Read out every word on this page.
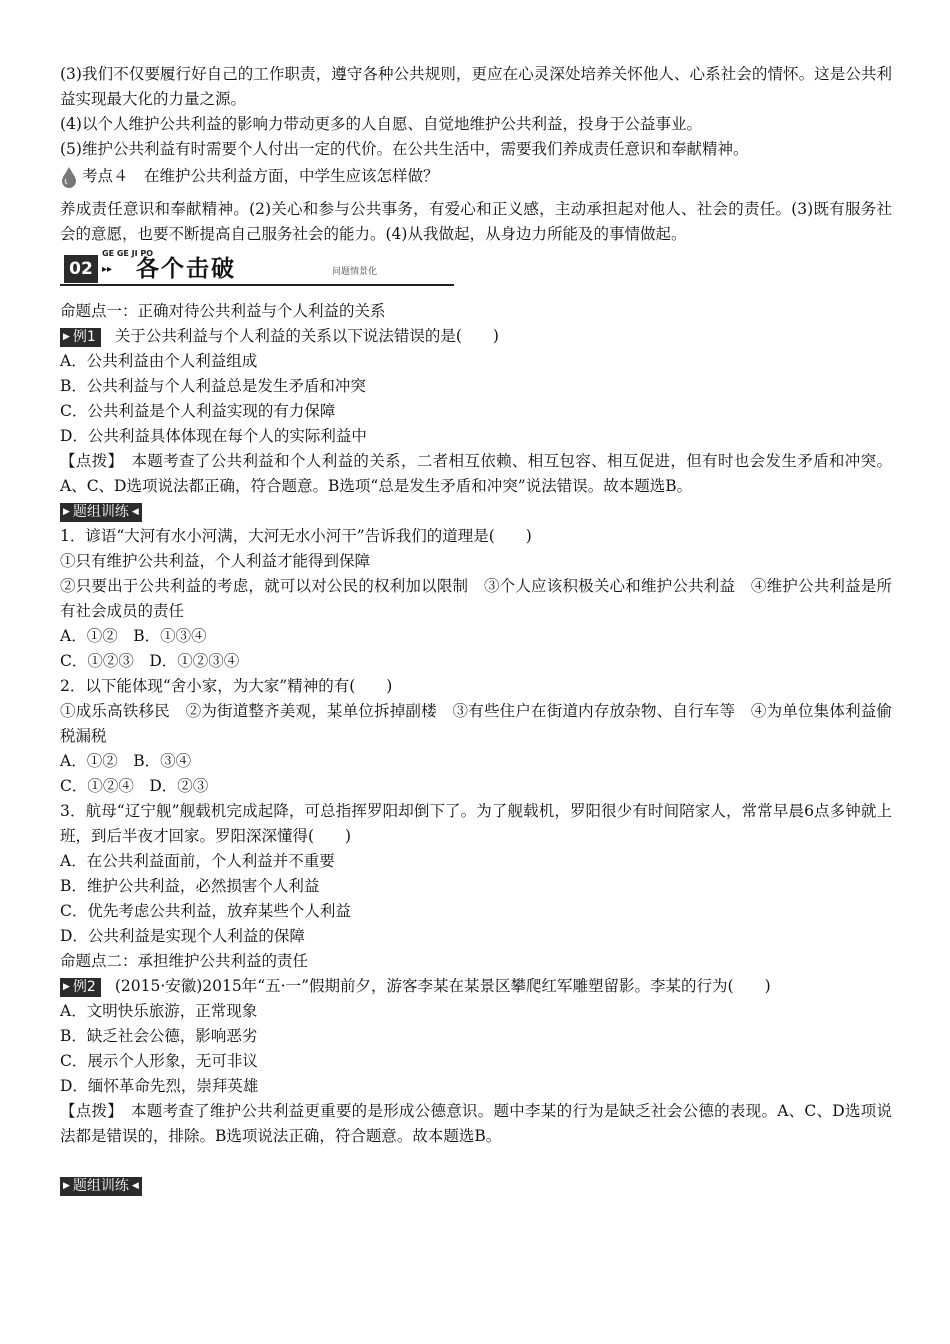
(3)我们不仅要履行好自己的工作职责，遵守各种公共规则，更应在心灵深处培养关怀他人、心系社会的情怀。这是公共利益实现最大化的力量之源。

(4)以个人维护公共利益的影响力带动更多的人自愿、自觉地维护公共利益，投身于公益事业。

(5)维护公共利益有时需要个人付出一定的代价。在公共生活中，需要我们养成责任意识和奉献精神。

考点４　在维护公共利益方面，中学生应该怎样做？

养成责任意识和奉献精神。(2)关心和参与公共事务，有爱心和正义感，主动承担起对他人、社会的责任。(3)既有服务社会的意愿，也要不断提高自己服务社会的能力。(4)从我做起，从身边力所能及的事情做起。

02
GE GE JI PO
▸▸ 各个击破	问题情景化

命题点一：正确对待公共利益与个人利益的关系

▶ 例1 关于公共利益与个人利益的关系以下说法错误的是(　　)

A．公共利益由个人利益组成

B．公共利益与个人利益总是发生矛盾和冲突

C．公共利益是个人利益实现的有力保障

D．公共利益具体体现在每个人的实际利益中

【点拨】　本题考查了公共利益和个人利益的关系，二者相互依赖、相互包容、相互促进，但有时也会发生矛盾和冲突。A、C、D选项说法都正确，符合题意。B选项“总是发生矛盾和冲突”说法错误。故本题选B。

▶ 题组训练 ◀

1．谚语“大河有水小河满，大河无水小河干”告诉我们的道理是(　　)

①只有维护公共利益，个人利益才能得到保障

②只要出于公共利益的考虑，就可以对公民的权利加以限制　③个人应该积极关心和维护公共利益　④维护公共利益是所有社会成员的责任

A．①②　B．①③④

C．①②③　D．①②③④

2．以下能体现“舍小家，为大家”精神的有(　　)

①成乐高铁移民　②为街道整齐美观，某单位拆掉副楼　③有些住户在街道内存放杂物、自行车等　④为单位集体利益偷税漏税

A．①②　B．③④

C．①②④　D．②③

3．航母“辽宁舰”舰载机完成起降，可总指挥罗阳却倒下了。为了舰载机，罗阳很少有时间陪家人，常常早晨6点多钟就上班，到后半夜才回家。罗阳深深懂得(　　)

A．在公共利益面前，个人利益并不重要

B．维护公共利益，必然损害个人利益

C．优先考虑公共利益，放弃某些个人利益

D．公共利益是实现个人利益的保障

命题点二：承担维护公共利益的责任

▶ 例2 (2015·安徽)2015年“五·一”假期前夕，游客李某在某景区攀爬红军雕塑留影。李某的行为(　　)

A．文明快乐旅游，正常现象

B．缺乏社会公德，影响恶劣

C．展示个人形象，无可非议

D．缅怀革命先烈，崇拜英雄

【点拨】　本题考查了维护公共利益更重要的是形成公德意识。题中李某的行为是缺乏社会公德的表现。A、C、D选项说法都是错误的，排除。B选项说法正确，符合题意。故本题选B。

▶ 题组训练 ◀
